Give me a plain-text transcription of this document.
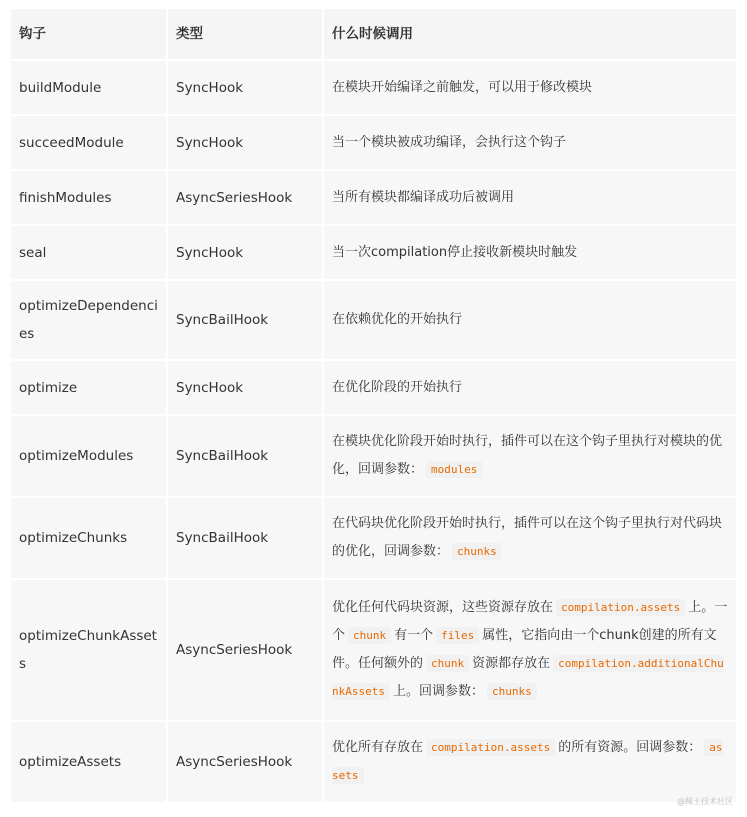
钩子	类型	什么时候调用
buildModule	SyncHook	在模块开始编译之前触发，可以用于修改模块
succeedModule	SyncHook	当一个模块被成功编译，会执行这个钩子
finishModules	AsyncSeriesHook	当所有模块都编译成功后被调用
seal	SyncHook	当一次compilation停止接收新模块时触发
optimizeDependencies	SyncBailHook	在依赖优化的开始执行
optimize	SyncHook	在优化阶段的开始执行
optimizeModules	SyncBailHook	在模块优化阶段开始时执行，插件可以在这个钩子里执行对模块的优化，回调参数： modules
optimizeChunks	SyncBailHook	在代码块优化阶段开始时执行，插件可以在这个钩子里执行对代码块的优化，回调参数： chunks
optimizeChunkAssets	AsyncSeriesHook	优化任何代码块资源，这些资源存放在 compilation.assets 上。一个 chunk 有一个 files 属性，它指向由一个chunk创建的所有文件。任何额外的 chunk 资源都存放在 compilation.additionalChunkAssets 上。回调参数： chunks
optimizeAssets	AsyncSeriesHook	优化所有存放在 compilation.assets 的所有资源。回调参数： assets
@稀土技术社区
